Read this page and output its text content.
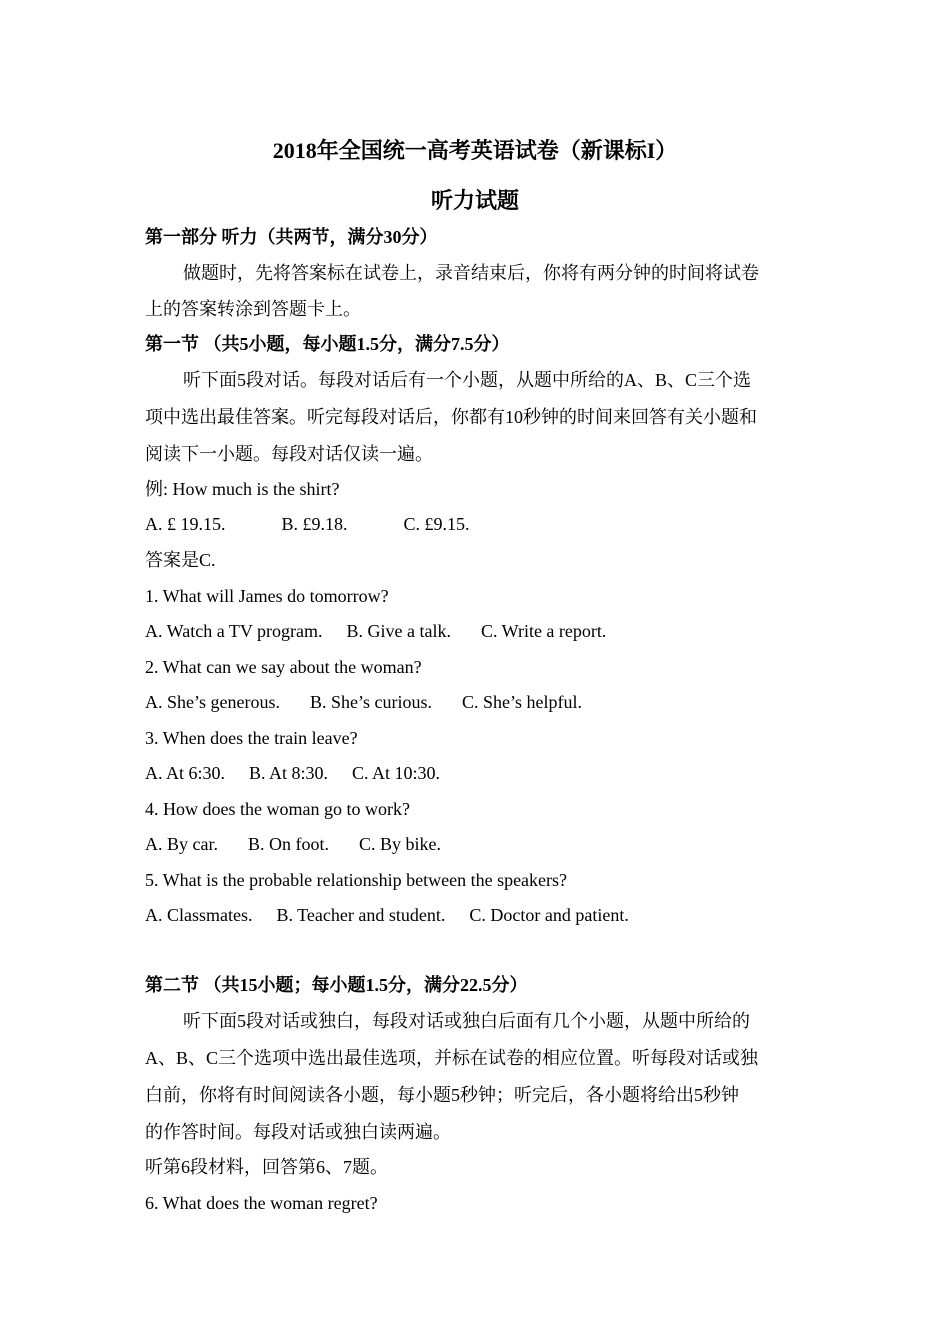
2018年全国统一高考英语试卷（新课标I）
听力试题
第一部分 听力（共两节，满分30分）
做题时，先将答案标在试卷上，录音结束后，你将有两分钟的时间将试卷
上的答案转涂到答题卡上。
第一节 （共5小题，每小题1.5分，满分7.5分）
听下面5段对话。每段对话后有一个小题，从题中所给的A、B、C三个选
项中选出最佳答案。听完每段对话后，你都有10秒钟的时间来回答有关小题和
阅读下一小题。每段对话仅读一遍。
例: How much is the shirt?
A. £ 19.15.	B. £9.18.	C. £9.15.
答案是C.
1. What will James do tomorrow?
A. Watch a TV program. B. Give a talk. C. Write a report.
2. What can we say about the woman?
A. She’s generous. B. She’s curious. C. She’s helpful.
3. When does the train leave?
A. At 6:30. B. At 8:30. C. At 10:30.
4. How does the woman go to work?
A. By car. B. On foot. C. By bike.
5. What is the probable relationship between the speakers?
A. Classmates. B. Teacher and student. C. Doctor and patient.
第二节 （共15小题；每小题1.5分，满分22.5分）
听下面5段对话或独白，每段对话或独白后面有几个小题，从题中所给的
A、B、C三个选项中选出最佳选项，并标在试卷的相应位置。听每段对话或独
白前，你将有时间阅读各小题，每小题5秒钟；听完后，各小题将给出5秒钟
的作答时间。每段对话或独白读两遍。
听第6段材料，回答第6、7题。
6. What does the woman regret?
